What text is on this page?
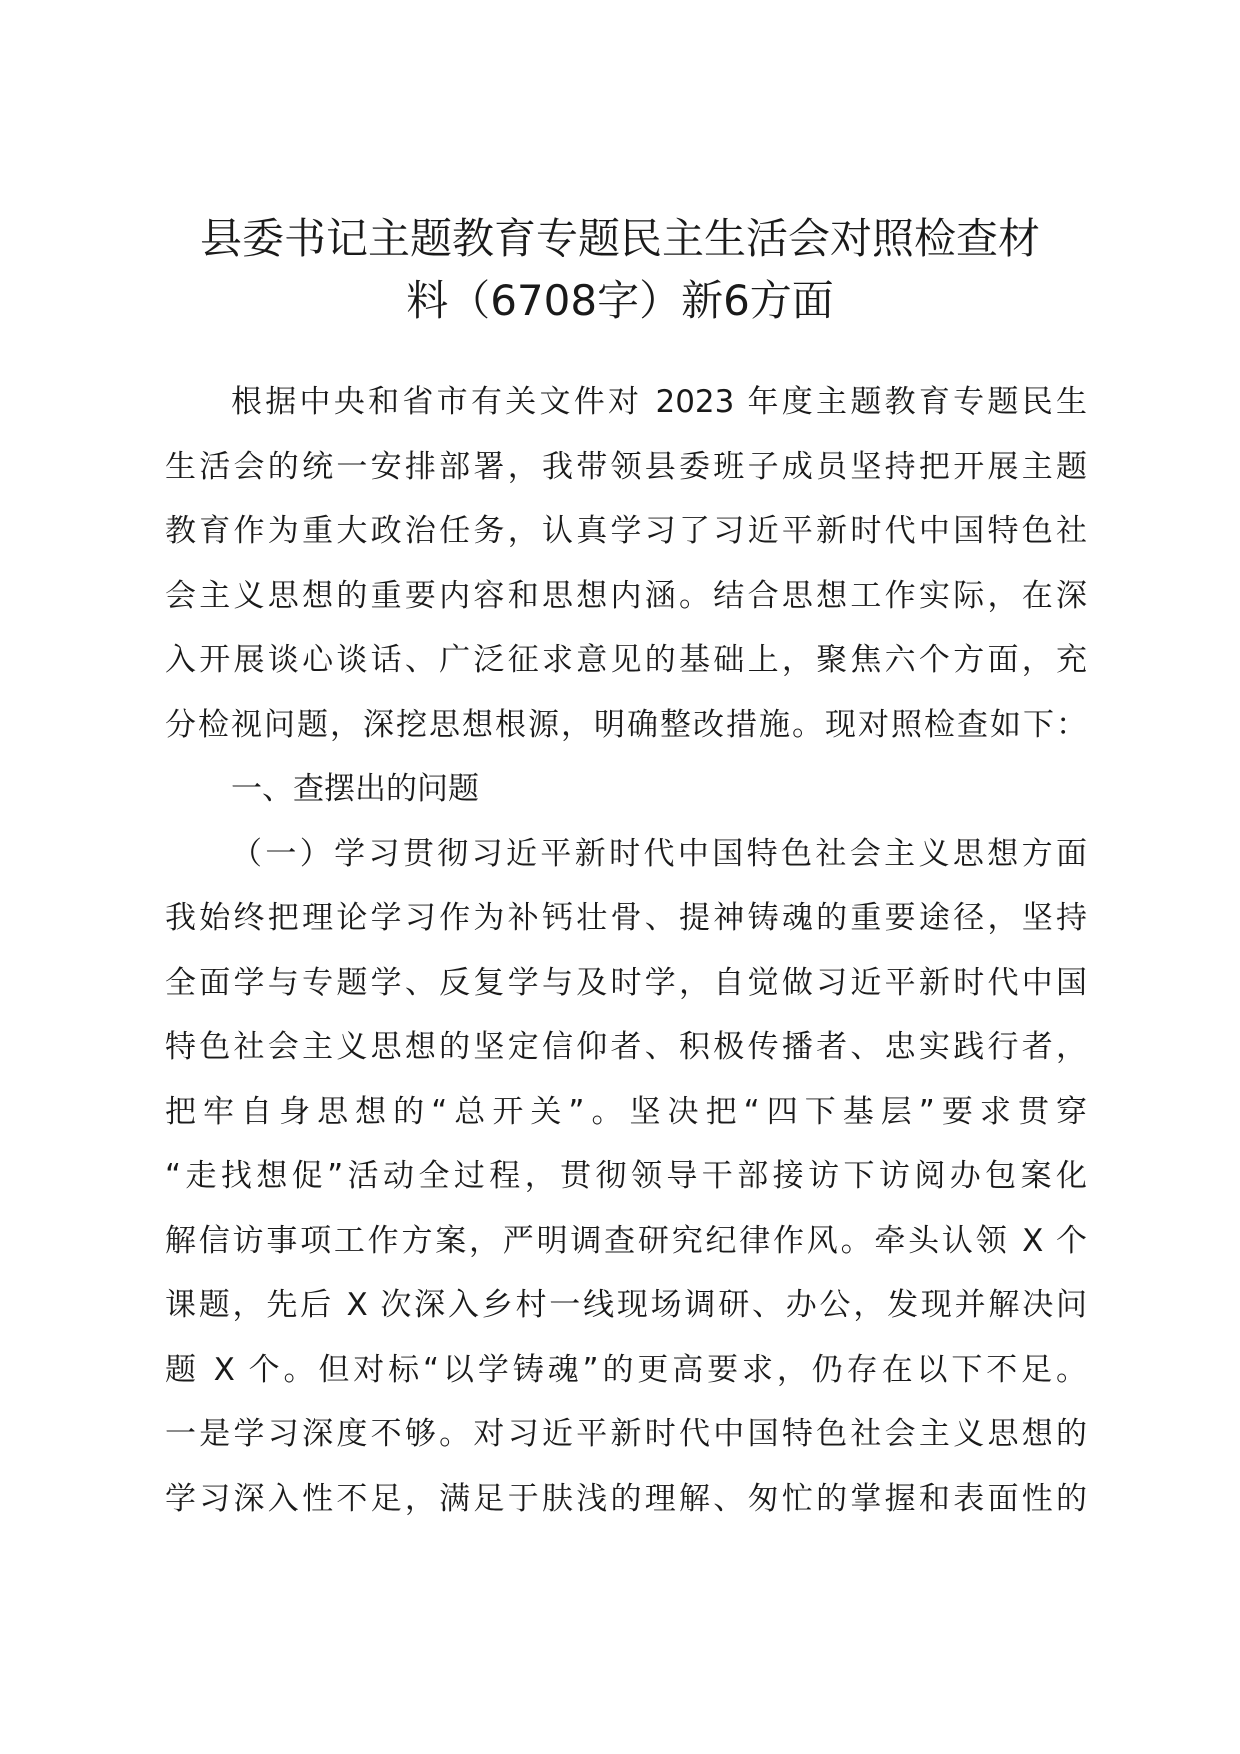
县委书记主题教育专题民主生活会对照检查材
料（6708字）新6方面
根据中央和省市有关文件对 2023 年度主题教育专题民生
生活会的统一安排部署，我带领县委班子成员坚持把开展主题
教育作为重大政治任务，认真学习了习近平新时代中国特色社
会主义思想的重要内容和思想内涵。结合思想工作实际，在深
入开展谈心谈话、广泛征求意见的基础上，聚焦六个方面，充
分检视问题，深挖思想根源，明确整改措施。现对照检查如下：
一、查摆出的问题
（一）学习贯彻习近平新时代中国特色社会主义思想方面
我始终把理论学习作为补钙壮骨、提神铸魂的重要途径，坚持
全面学与专题学、反复学与及时学，自觉做习近平新时代中国
特色社会主义思想的坚定信仰者、积极传播者、忠实践行者，
把牢自身思想的“总开关”。坚决把“四下基层”要求贯穿
“走找想促”活动全过程，贯彻领导干部接访下访阅办包案化
解信访事项工作方案，严明调查研究纪律作风。牵头认领 X 个
课题，先后 X 次深入乡村一线现场调研、办公，发现并解决问
题 X 个。但对标“以学铸魂”的更高要求，仍存在以下不足。
一是学习深度不够。对习近平新时代中国特色社会主义思想的
学习深入性不足，满足于肤浅的理解、匆忙的掌握和表面性的
